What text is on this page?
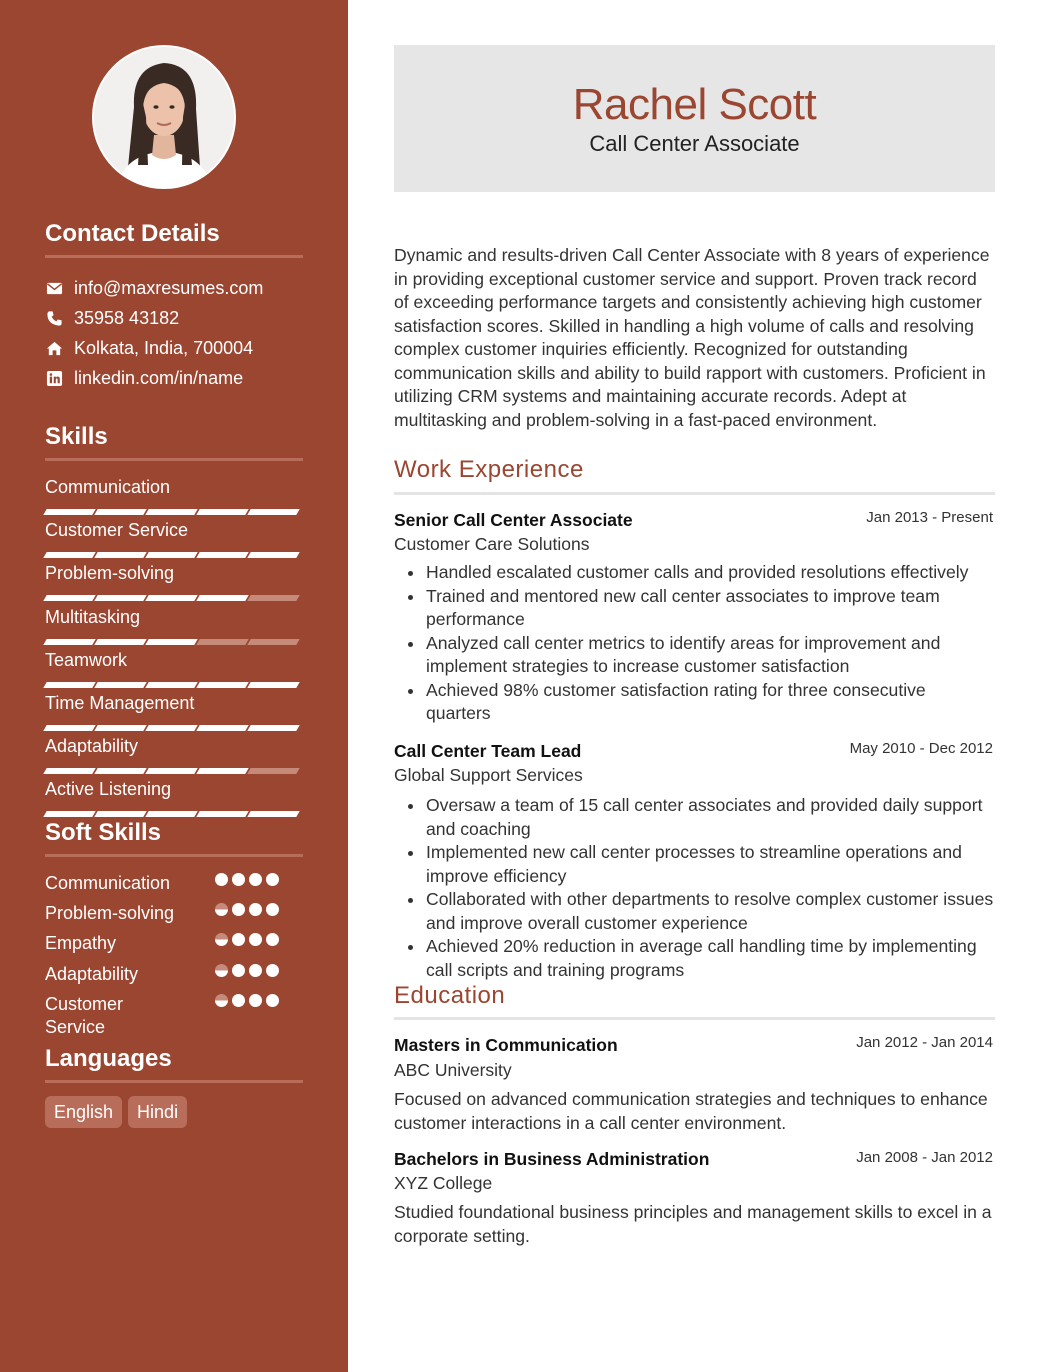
Contact Details
info@maxresumes.com
35958 43182
Kolkata, India, 700004
linkedin.com/in/name
Skills
Communication
Customer Service
Problem-solving
Multitasking
Teamwork
Time Management
Adaptability
Active Listening
Soft Skills
Communication
Problem-solving
Empathy
Adaptability
Customer Service
Languages
English	Hindi
Rachel Scott
Call Center Associate
Dynamic and results-driven Call Center Associate with 8 years of experience in providing exceptional customer service and support. Proven track record of exceeding performance targets and consistently achieving high customer satisfaction scores. Skilled in handling a high volume of calls and resolving complex customer inquiries efficiently. Recognized for outstanding communication skills and ability to build rapport with customers. Proficient in utilizing CRM systems and maintaining accurate records. Adept at multitasking and problem-solving in a fast-paced environment.
Work Experience
Senior Call Center Associate	Jan 2013 - Present
Customer Care Solutions
Handled escalated customer calls and provided resolutions effectively
Trained and mentored new call center associates to improve team performance
Analyzed call center metrics to identify areas for improvement and implement strategies to increase customer satisfaction
Achieved 98% customer satisfaction rating for three consecutive quarters
Call Center Team Lead	May 2010 - Dec 2012
Global Support Services
Oversaw a team of 15 call center associates and provided daily support and coaching
Implemented new call center processes to streamline operations and improve efficiency
Collaborated with other departments to resolve complex customer issues and improve overall customer experience
Achieved 20% reduction in average call handling time by implementing call scripts and training programs
Education
Masters in Communication	Jan 2012 - Jan 2014
ABC University
Focused on advanced communication strategies and techniques to enhance customer interactions in a call center environment.
Bachelors in Business Administration	Jan 2008 - Jan 2012
XYZ College
Studied foundational business principles and management skills to excel in a corporate setting.
